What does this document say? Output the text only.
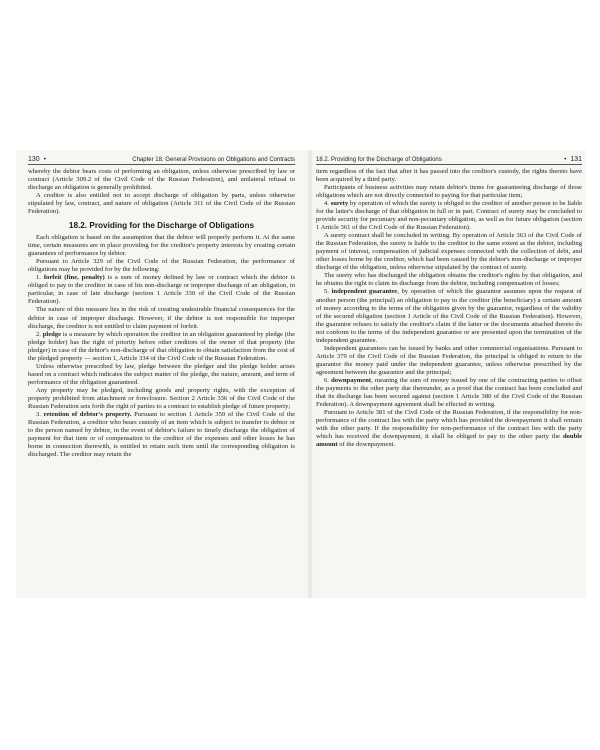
130 •	Chapter 18. General Provisions on Obligations and Contracts

whereby the debtor bears costs of performing an obligation, unless otherwise prescribed by law or contract (Article 309.2 of the Civil Code of the Russian Federation), and unilateral refusal to discharge an obligation is generally prohibited.

A creditor is also entitled not to accept discharge of obligation by parts, unless otherwise stipulated by law, contract, and nature of obligation (Article 311 of the Civil Code of the Russian Federation).

18.2. Providing for the Discharge of Obligations

Each obligation is based on the assumption that the debtor will properly perform it. At the same time, certain measures are in place providing for the creditor's property interests by creating certain guarantees of performance by debtor.

Pursuant to Article 329 of the Civil Code of the Russian Federation, the performance of obligations may be provided for by the following:

1. forfeit (fine, penalty) is a sum of money defined by law or contract which the debtor is obliged to pay to the creditor in case of his non-discharge or improper discharge of an obligation, in particular, in case of late discharge (section 1 Article 330 of the Civil Code of the Russian Federation).

The nature of this measure lies in the risk of creating undesirable financial consequences for the debtor in case of improper discharge. However, if the debtor is not responsible for improper discharge, the creditor is not entitled to claim payment of forfeit.

2. pledge is a measure by which operation the creditor in an obligation guaranteed by pledge (the pledge holder) has the right of priority before other creditors of the owner of that property (the pledger) in case of the debtor's non-discharge of that obligation to obtain satisfaction from the cost of the pledged property — section 1, Article 334 of the Civil Code of the Russian Federation.

Unless otherwise prescribed by law, pledge between the pledger and the pledge holder arises based on a contract which indicates the subject matter of the pledge, the nature, amount, and term of performance of the obligation guaranteed.

Any property may be pledged, including goods and property rights, with the exception of property prohibited from attachment or foreclosure. Section 2 Article 336 of the Civil Code of the Russian Federation sets forth the right of parties to a contract to establish pledge of future property;

3. retention of debtor's property. Pursuant to section 1 Article 359 of the Civil Code of the Russian Federation, a creditor who bears custody of an item which is subject to transfer to debtor or to the person named by debtor, in the event of debtor's failure to timely discharge the obligation of payment for that item or of compensation to the creditor of the expenses and other losses he has borne in connection therewith, is entitled to retain such item until the corresponding obligation is discharged. The creditor may retain the

18.2. Providing for the Discharge of Obligations	• 131

item regardless of the fact that after it has passed into the creditor's custody, the rights thereto have been acquired by a third party.

Participants of business activities may retain debtor's items for guaranteeing discharge of those obligations which are not directly connected to paying for that particular item;

4. surety by operation of which the surety is obliged to the creditor of another person to be liable for the latter's discharge of that obligation in full or in part. Contract of surety may be concluded to provide security for pecuniary and non-pecuniary obligation, as well as for future obligation (section 1 Article 361 of the Civil Code of the Russian Federation).

A surety contract shall be concluded in writing. By operation of Article 363 of the Civil Code of the Russian Federation, the surety is liable to the creditor to the same extent as the debtor, including payment of interest, compensation of judicial expenses connected with the collection of debt, and other losses borne by the creditor, which had been caused by the debtor's non-discharge or improper discharge of the obligation, unless otherwise stipulated by the contract of surety.

The surety who has discharged the obligation obtains the creditor's rights by that obligation, and he obtains the right to claim its discharge from the debtor, including compensation of losses;

5. independent guarantee, by operation of which the guarantor assumes upon the request of another person (the principal) an obligation to pay to the creditor (the beneficiary) a certain amount of money according to the terms of the obligation given by the guarantor, regardless of the validity of the secured obligation (section 1 Article of the Civil Code of the Russian Federation). However, the guarantor refuses to satisfy the creditor's claim if the latter or the documents attached thereto do not conform to the terms of the independent guarantee or are presented upon the termination of the independent guarantee.

Independent guarantees can be issued by banks and other commercial organisations. Pursuant to Article 379 of the Civil Code of the Russian Federation, the principal is obliged to return to the guarantor the money paid under the independent guarantee, unless otherwise prescribed by the agreement between the guarantor and the principal;

6. downpayment, meaning the sum of money issued by one of the contracting parties to offset the payments to the other party due thereunder, as a proof that the contract has been concluded and that its discharge has been secured against (section 1 Article 380 of the Civil Code of the Russian Federation). A downpayment agreement shall be effected in writing.

Pursuant to Article 381 of the Civil Code of the Russian Federation, if the responsibility for non-performance of the contract lies with the party which has provided the downpayment it shall remain with the other party. If the responsibility for non-performance of the contract lies with the party which has received the downpayment, it shall be obliged to pay to the other party the double amount of the downpayment.
